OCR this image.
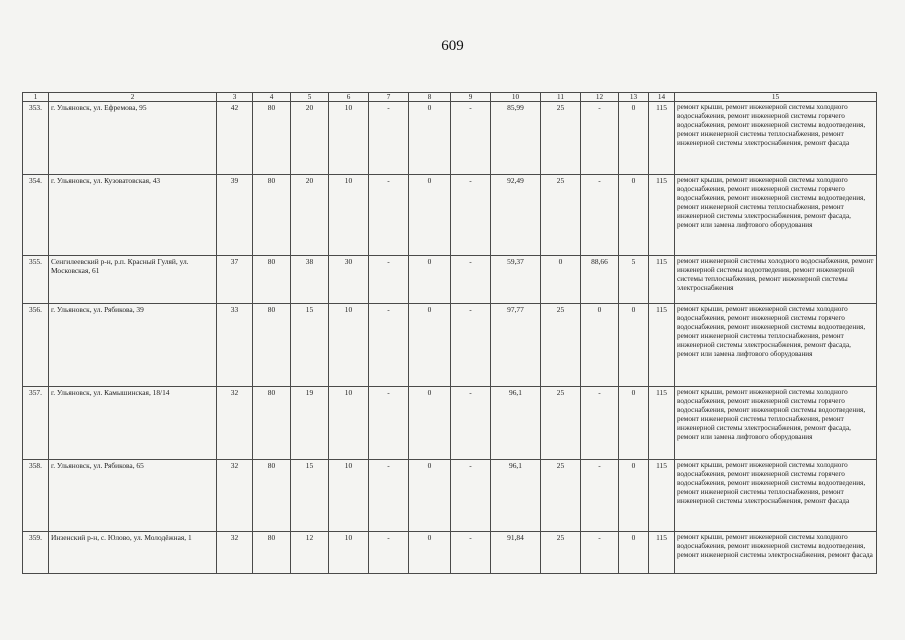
609
1	2	3	4	5	6	7	8	9	10	11	12	13	14	15
353.	г. Ульяновск, ул. Ефремова, 95	42	80	20	10	-	0	-	85,99	25	-	0	115	ремонт крыши, ремонт инженерной системы холодного водоснабжения, ремонт инженерной системы горячего водоснабжения, ремонт инженерной системы водоотведения, ремонт инженерной системы теплоснабжения, ремонт инженерной системы электроснабжения, ремонт фасада
354.	г. Ульяновск, ул. Кузоватовская, 43	39	80	20	10	-	0	-	92,49	25	-	0	115	ремонт крыши, ремонт инженерной системы холодного водоснабжения, ремонт инженерной системы горячего водоснабжения, ремонт инженерной системы водоотведения, ремонт инженерной системы теплоснабжения, ремонт инженерной системы электроснабжения, ремонт фасада, ремонт или замена лифтового оборудования
355.	Сенгилеевский р-н, р.п. Красный Гуляй, ул. Московская, 61	37	80	38	30	-	0	-	59,37	0	88,66	5	115	ремонт инженерной системы холодного водоснабжения, ремонт инженерной системы водоотведения, ремонт инженерной системы теплоснабжения, ремонт инженерной системы электроснабжения
356.	г. Ульяновск, ул. Рябикова, 39	33	80	15	10	-	0	-	97,77	25	0	0	115	ремонт крыши, ремонт инженерной системы холодного водоснабжения, ремонт инженерной системы горячего водоснабжения, ремонт инженерной системы водоотведения, ремонт инженерной системы теплоснабжения, ремонт инженерной системы электроснабжения, ремонт фасада, ремонт или замена лифтового оборудования
357.	г. Ульяновск, ул. Камышинская, 18/14	32	80	19	10	-	0	-	96,1	25	-	0	115	ремонт крыши, ремонт инженерной системы холодного водоснабжения, ремонт инженерной системы горячего водоснабжения, ремонт инженерной системы водоотведения, ремонт инженерной системы теплоснабжения, ремонт инженерной системы электроснабжения, ремонт фасада, ремонт или замена лифтового оборудования
358.	г. Ульяновск, ул. Рябикова, 65	32	80	15	10	-	0	-	96,1	25	-	0	115	ремонт крыши, ремонт инженерной системы холодного водоснабжения, ремонт инженерной системы горячего водоснабжения, ремонт инженерной системы водоотведения, ремонт инженерной системы теплоснабжения, ремонт инженерной системы электроснабжения, ремонт фасада
359.	Инзенский р-н, с. Юлово, ул. Молодёжная, 1	32	80	12	10	-	0	-	91,84	25	-	0	115	ремонт крыши, ремонт инженерной системы холодного водоснабжения, ремонт инженерной системы водоотведения, ремонт инженерной системы электроснабжения, ремонт фасада
